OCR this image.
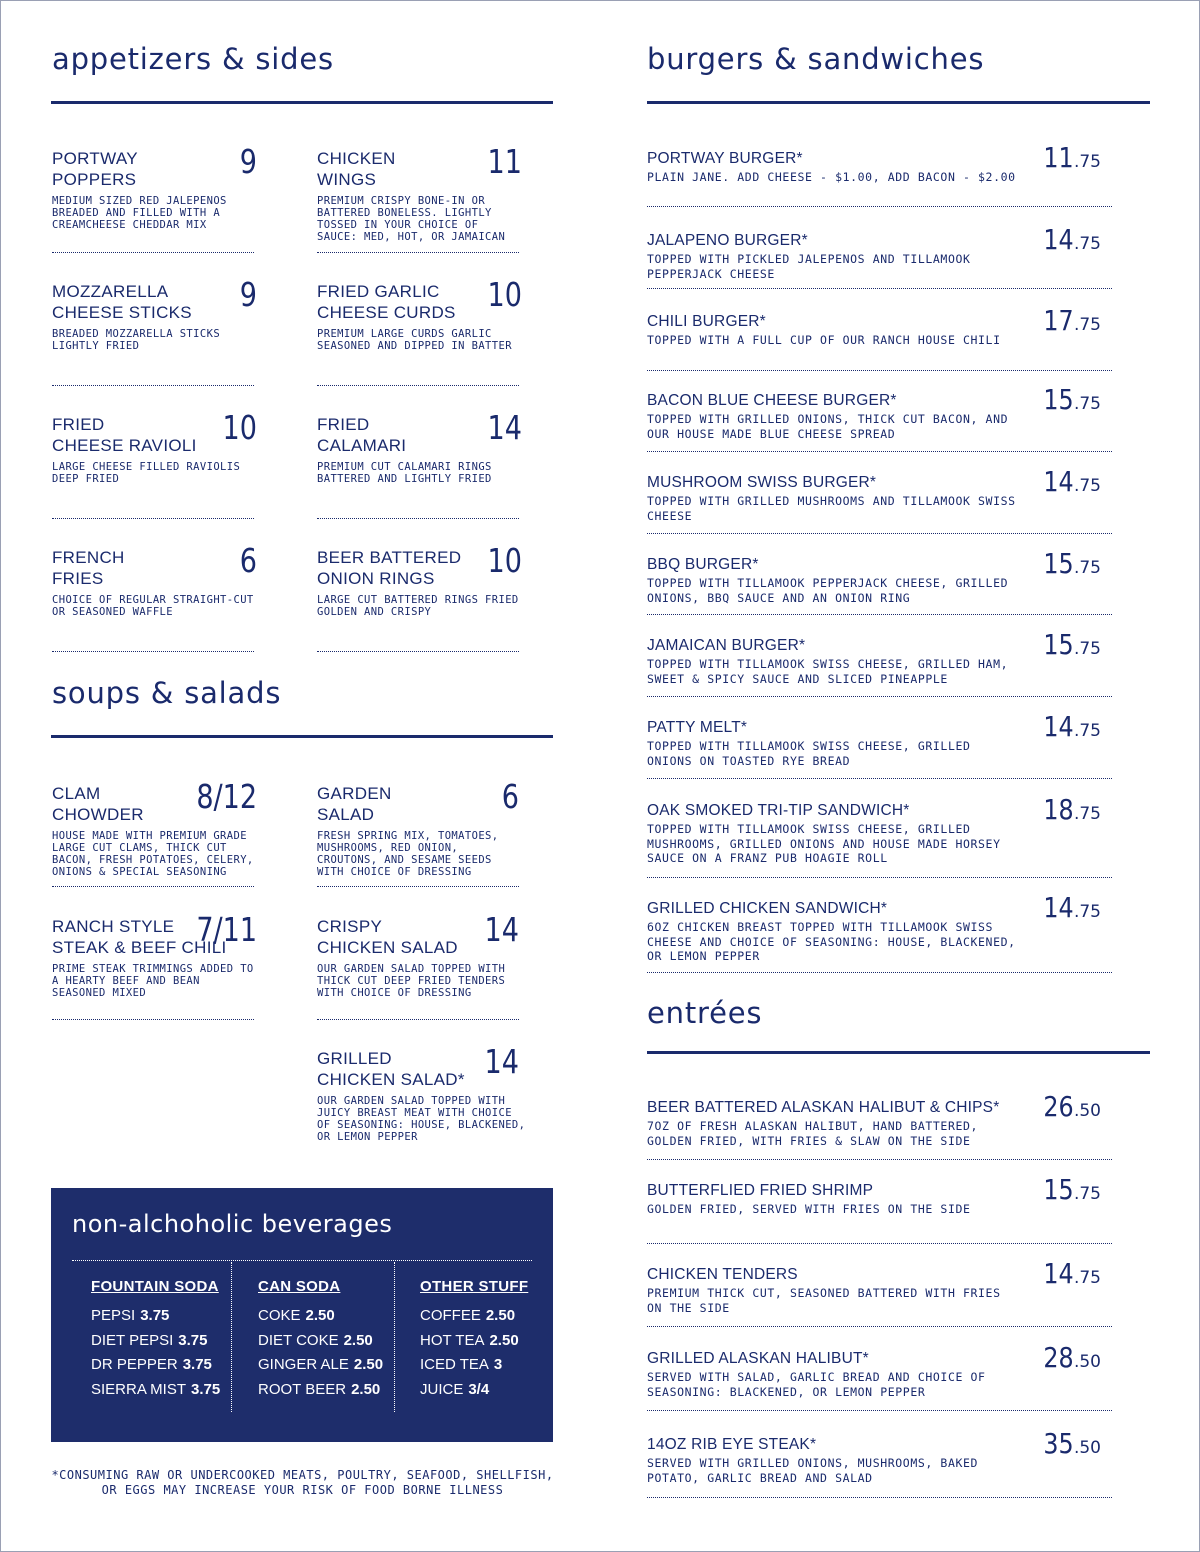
appetizers & sides
PORTWAY
POPPERS	9
MEDIUM SIZED RED JALEPENOS BREADED AND FILLED WITH A CREAMCHEESE CHEDDAR MIX
CHICKEN
WINGS	11
PREMIUM CRISPY BONE-IN OR BATTERED BONELESS. LIGHTLY TOSSED IN YOUR CHOICE OF SAUCE: MED, HOT, OR JAMAICAN
MOZZARELLA
CHEESE STICKS	9
BREADED MOZZARELLA STICKS LIGHTLY FRIED
FRIED GARLIC
CHEESE CURDS 10
PREMIUM LARGE CURDS GARLIC SEASONED AND DIPPED IN BATTER
FRIED
CHEESE RAVIOLI 10
LARGE CHEESE FILLED RAVIOLIS DEEP FRIED
FRIED
CALAMARI	14
PREMIUM CUT CALAMARI RINGS BATTERED AND LIGHTLY FRIED
FRENCH
FRIES	6
CHOICE OF REGULAR STRAIGHT-CUT OR SEASONED WAFFLE
BEER BATTERED
ONION RINGS	10
LARGE CUT BATTERED RINGS FRIED GOLDEN AND CRISPY
soups & salads
CLAM
CHOWDER	8/12
HOUSE MADE WITH PREMIUM GRADE LARGE CUT CLAMS, THICK CUT BACON, FRESH POTATOES, CELERY, ONIONS & SPECIAL SEASONING
GARDEN
SALAD	6
FRESH SPRING MIX, TOMATOES, MUSHROOMS, RED ONION, CROUTONS, AND SESAME SEEDS WITH CHOICE OF DRESSING
RANCH STYLE
STEAK & BEEF CHILI
7/11
PRIME STEAK TRIMMINGS ADDED TO A HEARTY BEEF AND BEAN SEASONED MIXED
CRISPY
CHICKEN SALAD 14
OUR GARDEN SALAD TOPPED WITH THICK CUT DEEP FRIED TENDERS WITH CHOICE OF DRESSING
GRILLED
CHICKEN SALAD* 14
OUR GARDEN SALAD TOPPED WITH JUICY BREAST MEAT WITH CHOICE OF SEASONING: HOUSE, BLACKENED, OR LEMON PEPPER
non-alchoholic beverages
FOUNTAIN SODA
PEPSI 3.75
DIET PEPSI 3.75
DR PEPPER 3.75
SIERRA MIST 3.75
CAN SODA
COKE 2.50
DIET COKE 2.50
GINGER ALE 2.50
ROOT BEER 2.50
OTHER STUFF
COFFEE 2.50
HOT TEA 2.50
ICED TEA 3
JUICE 3/4
*CONSUMING RAW OR UNDERCOOKED MEATS, POULTRY, SEAFOOD, SHELLFISH, OR EGGS MAY INCREASE YOUR RISK OF FOOD BORNE ILLNESS
burgers & sandwiches
PORTWAY BURGER*
PLAIN JANE. ADD CHEESE - $1.00, ADD BACON - $2.00
11.75
JALAPENO BURGER*
TOPPED WITH PICKLED JALEPENOS AND TILLAMOOK PEPPERJACK CHEESE
14.75
CHILI BURGER*
TOPPED WITH A FULL CUP OF OUR RANCH HOUSE CHILI
17.75
BACON BLUE CHEESE BURGER*
TOPPED WITH GRILLED ONIONS, THICK CUT BACON, AND OUR HOUSE MADE BLUE CHEESE SPREAD
15.75
MUSHROOM SWISS BURGER*
TOPPED WITH GRILLED MUSHROOMS AND TILLAMOOK SWISS CHEESE
14.75
BBQ BURGER*
TOPPED WITH TILLAMOOK PEPPERJACK CHEESE, GRILLED ONIONS, BBQ SAUCE AND AN ONION RING
15.75
JAMAICAN BURGER*
TOPPED WITH TILLAMOOK SWISS CHEESE, GRILLED HAM, SWEET & SPICY SAUCE AND SLICED PINEAPPLE
15.75
PATTY MELT*
TOPPED WITH TILLAMOOK SWISS CHEESE, GRILLED ONIONS ON TOASTED RYE BREAD
14.75
OAK SMOKED TRI-TIP SANDWICH*
TOPPED WITH TILLAMOOK SWISS CHEESE, GRILLED MUSHROOMS, GRILLED ONIONS AND HOUSE MADE HORSEY SAUCE ON A FRANZ PUB HOAGIE ROLL
18.75
GRILLED CHICKEN SANDWICH*
6OZ CHICKEN BREAST TOPPED WITH TILLAMOOK SWISS CHEESE AND CHOICE OF SEASONING: HOUSE, BLACKENED, OR LEMON PEPPER
14.75
entrées
BEER BATTERED ALASKAN HALIBUT & CHIPS*
7OZ OF FRESH ALASKAN HALIBUT, HAND BATTERED, GOLDEN FRIED, WITH FRIES & SLAW ON THE SIDE
26.50
BUTTERFLIED FRIED SHRIMP
GOLDEN FRIED, SERVED WITH FRIES ON THE SIDE
15.75
CHICKEN TENDERS
PREMIUM THICK CUT, SEASONED BATTERED WITH FRIES ON THE SIDE
14.75
GRILLED ALASKAN HALIBUT*
SERVED WITH SALAD, GARLIC BREAD AND CHOICE OF SEASONING: BLACKENED, OR LEMON PEPPER
28.50
14OZ RIB EYE STEAK*
SERVED WITH GRILLED ONIONS, MUSHROOMS, BAKED POTATO, GARLIC BREAD AND SALAD
35.50
